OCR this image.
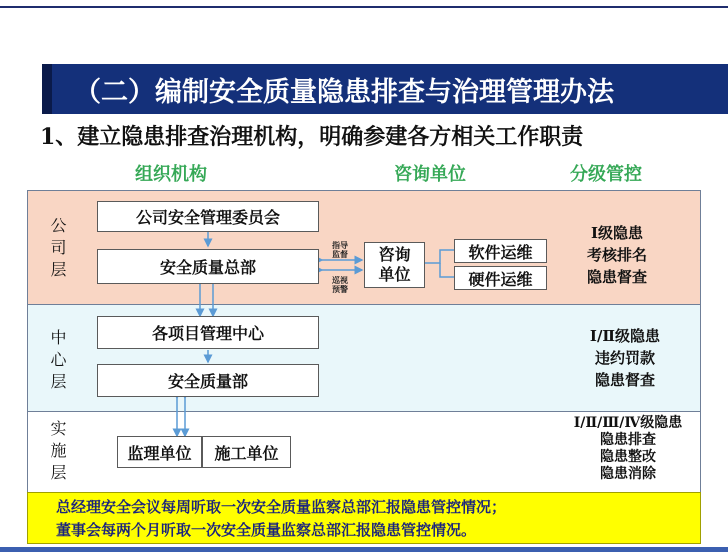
（二）编制安全质量隐患排查与治理管理办法
1、建立隐患排查治理机构，明确参建各方相关工作职责
组织机构	咨询单位	分级管控
公司层
中心层
实施层
公司安全管理委员会
安全质量总部
咨询
单位
软件运维
硬件运维
各项目管理中心
安全质量部
监理单位	施工单位
指导
监督
巡视
预警
Ⅰ级隐患
考核排名
隐患督查
Ⅰ/Ⅱ级隐患
违约罚款
隐患督查
Ⅰ/Ⅱ/Ⅲ/Ⅳ级隐患
隐患排查
隐患整改
隐患消除
总经理安全会议每周听取一次安全质量监察总部汇报隐患管控情况；
董事会每两个月听取一次安全质量监察总部汇报隐患管控情况。
